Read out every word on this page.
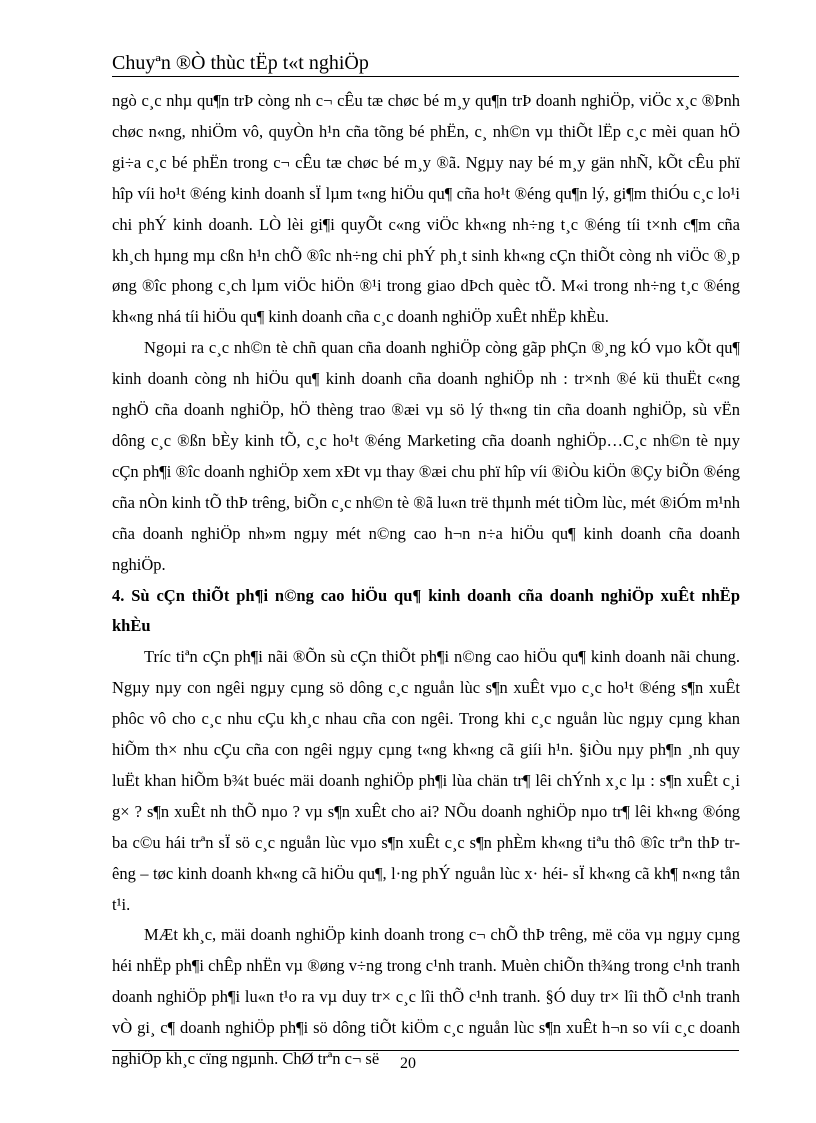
Chuyªn ®Ò thùc tËp t«t nghiÖp

ngò c¸c nhµ qu¶n trÞ còng nh c¬ cÊu tæ chøc bé m¸y qu¶n trÞ doanh nghiÖp, viÖc x¸c ®Þnh chøc n«ng, nhiÖm vô, quyÒn h¹n cña tõng bé phËn, c¸ nh©n vµ thiÕt lËp c¸c mèi quan hÖ gi÷a c¸c bé phËn trong c¬ cÊu tæ chøc bé m¸y ®ã. Ngµy nay bé m¸y gän nhÑ, kÕt cÊu phï hîp víi ho¹t ®éng kinh doanh sÏ lµm t«ng hiÖu qu¶ cña ho¹t ®éng qu¶n lý, gi¶m thiÓu c¸c lo¹i chi phÝ kinh doanh. LÒ lèi gi¶i quyÕt c«ng viÖc kh«ng nh÷ng t¸c ®éng tíi t×nh c¶m cña kh¸ch hµng mµ cßn h¹n chÕ ®îc nh÷ng chi phÝ ph¸t sinh kh«ng cÇn thiÕt còng nh viÖc ®¸p øng ®îc phong c¸ch lµm viÖc hiÖn ®¹i trong giao dÞch quèc tÕ. M«i trong nh÷ng t¸c ®éng kh«ng nhá tíi hiÖu qu¶ kinh doanh cña c¸c doanh nghiÖp xuÊt nhËp khÈu.

Ngoµi ra c¸c nh©n tè chñ quan cña doanh nghiÖp còng gãp phÇn ®¸ng kÓ vµo kÕt qu¶ kinh doanh còng nh hiÖu qu¶ kinh doanh cña doanh nghiÖp nh : tr×nh ®é kü thuËt c«ng nghÖ cña doanh nghiÖp, hÖ thèng trao ®æi vµ sö lý th«ng tin cña doanh nghiÖp, sù vËn dông c¸c ®ßn bÈy kinh tÕ, c¸c ho¹t ®éng Marketing cña doanh nghiÖp…C¸c nh©n tè nµy cÇn ph¶i ®îc doanh nghiÖp xem xÐt vµ thay ®æi chu phï hîp víi ®iÒu kiÖn ®Çy biÕn ®éng cña nÒn kinh tÕ thÞ trêng, biÕn c¸c nh©n tè ®ã lu«n trë thµnh mét tiÒm lùc, mét ®iÓm m¹nh cña doanh nghiÖp nh»m ngµy mét n©ng cao h¬n n÷a hiÖu qu¶ kinh doanh cña doanh nghiÖp.

4. Sù cÇn thiÕt ph¶i n©ng cao hiÖu qu¶ kinh doanh cña doanh nghiÖp xuÊt nhËp khÈu

Tríc tiªn cÇn ph¶i nãi ®Õn sù cÇn thiÕt ph¶i n©ng cao hiÖu qu¶ kinh doanh nãi chung. Ngµy nµy con ngêi ngµy cµng sö dông c¸c nguån lùc s¶n xuÊt vµo c¸c ho¹t ®éng s¶n xuÊt phôc vô cho c¸c nhu cÇu kh¸c nhau cña con ngêi. Trong khi c¸c nguån lùc ngµy cµng khan hiÕm th× nhu cÇu cña con ngêi ngµy cµng t«ng kh«ng cã giíi h¹n. §iÒu nµy ph¶n ¸nh quy luËt khan hiÕm b¾t buéc mäi doanh nghiÖp ph¶i lùa chän tr¶ lêi chÝnh x¸c lµ : s¶n xuÊt c¸i g× ? s¶n xuÊt nh thÕ nµo ? vµ s¶n xuÊt cho ai? NÕu doanh nghiÖp nµo tr¶ lêi kh«ng ®óng ba c©u hái trªn sÏ sö c¸c nguån lùc vµo s¶n xuÊt c¸c s¶n phÈm kh«ng tiªu thô ®îc trªn thÞ trêng – tøc kinh doanh kh«ng cã hiÖu qu¶, l·ng phÝ nguån lùc x· héi- sÏ kh«ng cã kh¶ n«ng tån t¹i.

MÆt kh¸c, mäi doanh nghiÖp kinh doanh trong c¬ chÕ thÞ trêng, më cöa vµ ngµy cµng héi nhËp ph¶i chÊp nhËn vµ ®øng v÷ng trong c¹nh tranh. Muèn chiÕn th¾ng trong c¹nh tranh doanh nghiÖp ph¶i lu«n t¹o ra vµ duy tr× c¸c lîi thÕ c¹nh tranh. §Ó duy tr× lîi thÕ c¹nh tranh vÒ gi¸ c¶ doanh nghiÖp ph¶i sö dông tiÕt kiÖm c¸c nguån lùc s¶n xuÊt h¬n so víi c¸c doanh nghiÖp kh¸c cïng ngµnh. ChØ trªn c¬ së	20
